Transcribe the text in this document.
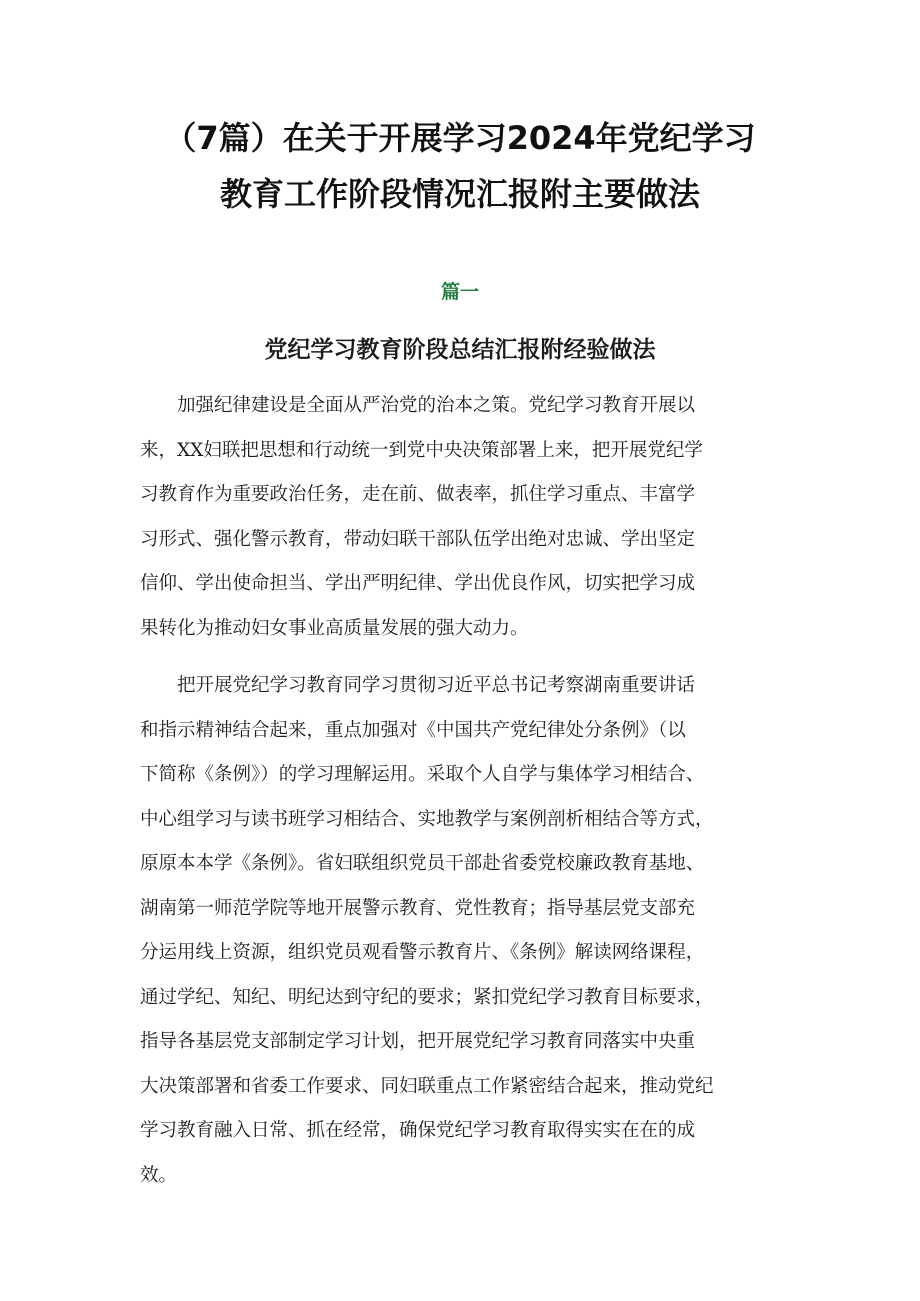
（7篇）在关于开展学习2024年党纪学习
教育工作阶段情况汇报附主要做法
篇一
党纪学习教育阶段总结汇报附经验做法
　　加强纪律建设是全面从严治党的治本之策。党纪学习教育开展以
来，XX妇联把思想和行动统一到党中央决策部署上来，把开展党纪学
习教育作为重要政治任务，走在前、做表率，抓住学习重点、丰富学
习形式、强化警示教育，带动妇联干部队伍学出绝对忠诚、学出坚定
信仰、学出使命担当、学出严明纪律、学出优良作风，切实把学习成
果转化为推动妇女事业高质量发展的强大动力。
　　把开展党纪学习教育同学习贯彻习近平总书记考察湖南重要讲话
和指示精神结合起来，重点加强对《中国共产党纪律处分条例》（以
下简称《条例》）的学习理解运用。采取个人自学与集体学习相结合、
中心组学习与读书班学习相结合、实地教学与案例剖析相结合等方式，
原原本本学《条例》。省妇联组织党员干部赴省委党校廉政教育基地、
湖南第一师范学院等地开展警示教育、党性教育；指导基层党支部充
分运用线上资源，组织党员观看警示教育片、《条例》解读网络课程，
通过学纪、知纪、明纪达到守纪的要求；紧扣党纪学习教育目标要求，
指导各基层党支部制定学习计划，把开展党纪学习教育同落实中央重
大决策部署和省委工作要求、同妇联重点工作紧密结合起来，推动党纪
学习教育融入日常、抓在经常，确保党纪学习教育取得实实在在的成
效。
